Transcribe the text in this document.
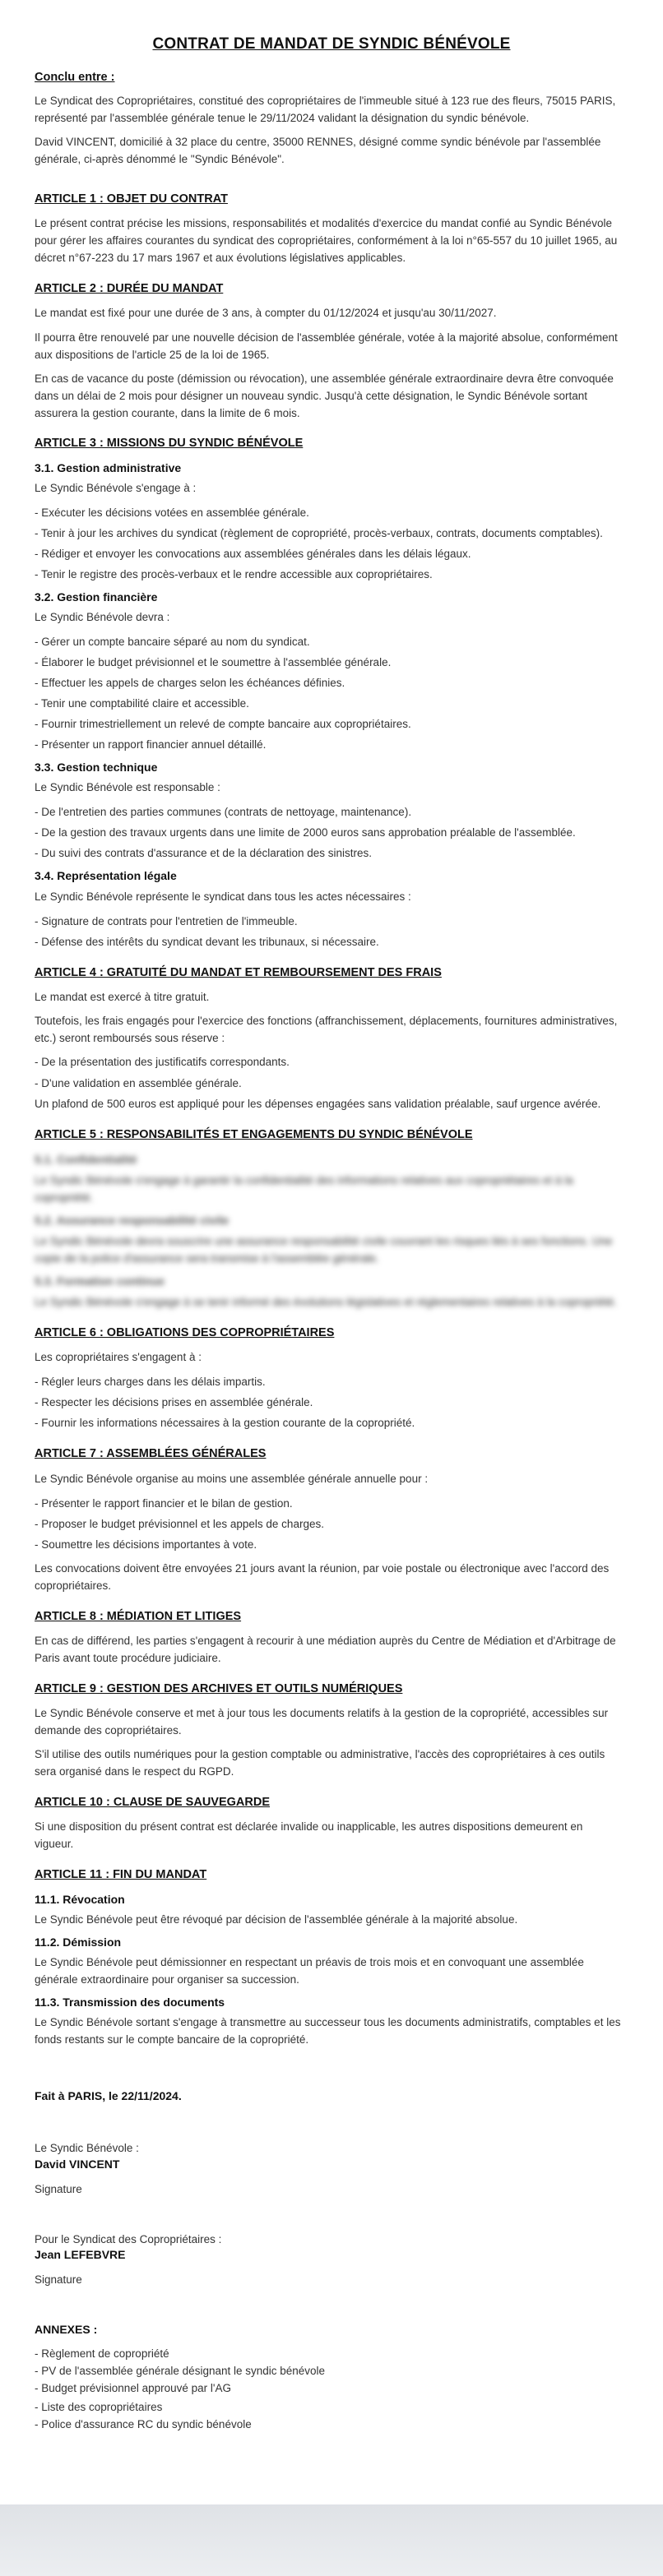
CONTRAT DE MANDAT DE SYNDIC BÉNÉVOLE
Conclu entre :
Le Syndicat des Copropriétaires, constitué des copropriétaires de l'immeuble situé à 123 rue des fleurs, 75015 PARIS,
représenté par l'assemblée générale tenue le 29/11/2024 validant la désignation du syndic bénévole.
David VINCENT, domicilié à 32 place du centre, 35000 RENNES, désigné comme syndic bénévole par l'assemblée
générale, ci-après dénommé le "Syndic Bénévole".
ARTICLE 1 : OBJET DU CONTRAT
Le présent contrat précise les missions, responsabilités et modalités d'exercice du mandat confié au Syndic Bénévole
pour gérer les affaires courantes du syndicat des copropriétaires, conformément à la loi n°65-557 du 10 juillet 1965, au
décret n°67-223 du 17 mars 1967 et aux évolutions législatives applicables.
ARTICLE 2 : DURÉE DU MANDAT
Le mandat est fixé pour une durée de 3 ans, à compter du 01/12/2024 et jusqu'au 30/11/2027.
Il pourra être renouvelé par une nouvelle décision de l'assemblée générale, votée à la majorité absolue, conformément
aux dispositions de l'article 25 de la loi de 1965.
En cas de vacance du poste (démission ou révocation), une assemblée générale extraordinaire devra être convoquée
dans un délai de 2 mois pour désigner un nouveau syndic. Jusqu'à cette désignation, le Syndic Bénévole sortant
assurera la gestion courante, dans la limite de 6 mois.
ARTICLE 3 : MISSIONS DU SYNDIC BÉNÉVOLE
3.1. Gestion administrative
Le Syndic Bénévole s'engage à :
- Exécuter les décisions votées en assemblée générale.
- Tenir à jour les archives du syndicat (règlement de copropriété, procès-verbaux, contrats, documents comptables).
- Rédiger et envoyer les convocations aux assemblées générales dans les délais légaux.
- Tenir le registre des procès-verbaux et le rendre accessible aux copropriétaires.
3.2. Gestion financière
Le Syndic Bénévole devra :
- Gérer un compte bancaire séparé au nom du syndicat.
- Élaborer le budget prévisionnel et le soumettre à l'assemblée générale.
- Effectuer les appels de charges selon les échéances définies.
- Tenir une comptabilité claire et accessible.
- Fournir trimestriellement un relevé de compte bancaire aux copropriétaires.
- Présenter un rapport financier annuel détaillé.
3.3. Gestion technique
Le Syndic Bénévole est responsable :
- De l'entretien des parties communes (contrats de nettoyage, maintenance).
- De la gestion des travaux urgents dans une limite de 2000 euros sans approbation préalable de l'assemblée.
- Du suivi des contrats d'assurance et de la déclaration des sinistres.
3.4. Représentation légale
Le Syndic Bénévole représente le syndicat dans tous les actes nécessaires :
- Signature de contrats pour l'entretien de l'immeuble.
- Défense des intérêts du syndicat devant les tribunaux, si nécessaire.
ARTICLE 4 : GRATUITÉ DU MANDAT ET REMBOURSEMENT DES FRAIS
Le mandat est exercé à titre gratuit.
Toutefois, les frais engagés pour l'exercice des fonctions (affranchissement, déplacements, fournitures administratives,
etc.) seront remboursés sous réserve :
- De la présentation des justificatifs correspondants.
- D'une validation en assemblée générale.
Un plafond de 500 euros est appliqué pour les dépenses engagées sans validation préalable, sauf urgence avérée.
ARTICLE 5 : RESPONSABILITÉS ET ENGAGEMENTS DU SYNDIC BÉNÉVOLE
5.1. Confidentialité
Le Syndic Bénévole s'engage à garantir la confidentialité des informations relatives aux copropriétaires et à la
copropriété.
5.2. Assurance responsabilité civile
Le Syndic Bénévole devra souscrire une assurance responsabilité civile couvrant les risques liés à ses fonctions. Une
copie de la police d'assurance sera transmise à l'assemblée générale.
5.3. Formation continue
Le Syndic Bénévole s'engage à se tenir informé des évolutions législatives et réglementaires relatives à la copropriété.
ARTICLE 6 : OBLIGATIONS DES COPROPRIÉTAIRES
Les copropriétaires s'engagent à :
- Régler leurs charges dans les délais impartis.
- Respecter les décisions prises en assemblée générale.
- Fournir les informations nécessaires à la gestion courante de la copropriété.
ARTICLE 7 : ASSEMBLÉES GÉNÉRALES
Le Syndic Bénévole organise au moins une assemblée générale annuelle pour :
- Présenter le rapport financier et le bilan de gestion.
- Proposer le budget prévisionnel et les appels de charges.
- Soumettre les décisions importantes à vote.
Les convocations doivent être envoyées 21 jours avant la réunion, par voie postale ou électronique avec l'accord des
copropriétaires.
ARTICLE 8 : MÉDIATION ET LITIGES
En cas de différend, les parties s'engagent à recourir à une médiation auprès du Centre de Médiation et d'Arbitrage de
Paris avant toute procédure judiciaire.
ARTICLE 9 : GESTION DES ARCHIVES ET OUTILS NUMÉRIQUES
Le Syndic Bénévole conserve et met à jour tous les documents relatifs à la gestion de la copropriété, accessibles sur
demande des copropriétaires.
S'il utilise des outils numériques pour la gestion comptable ou administrative, l'accès des copropriétaires à ces outils
sera organisé dans le respect du RGPD.
ARTICLE 10 : CLAUSE DE SAUVEGARDE
Si une disposition du présent contrat est déclarée invalide ou inapplicable, les autres dispositions demeurent en
vigueur.
ARTICLE 11 : FIN DU MANDAT
11.1. Révocation
Le Syndic Bénévole peut être révoqué par décision de l'assemblée générale à la majorité absolue.
11.2. Démission
Le Syndic Bénévole peut démissionner en respectant un préavis de trois mois et en convoquant une assemblée
générale extraordinaire pour organiser sa succession.
11.3. Transmission des documents
Le Syndic Bénévole sortant s'engage à transmettre au successeur tous les documents administratifs, comptables et les
fonds restants sur le compte bancaire de la copropriété.
Fait à PARIS, le 22/11/2024.
Le Syndic Bénévole :
David VINCENT
Signature
Pour le Syndicat des Copropriétaires :
Jean LEFEBVRE
Signature
ANNEXES :
- Règlement de copropriété
- PV de l'assemblée générale désignant le syndic bénévole
- Budget prévisionnel approuvé par l'AG
- Liste des copropriétaires
- Police d'assurance RC du syndic bénévole
